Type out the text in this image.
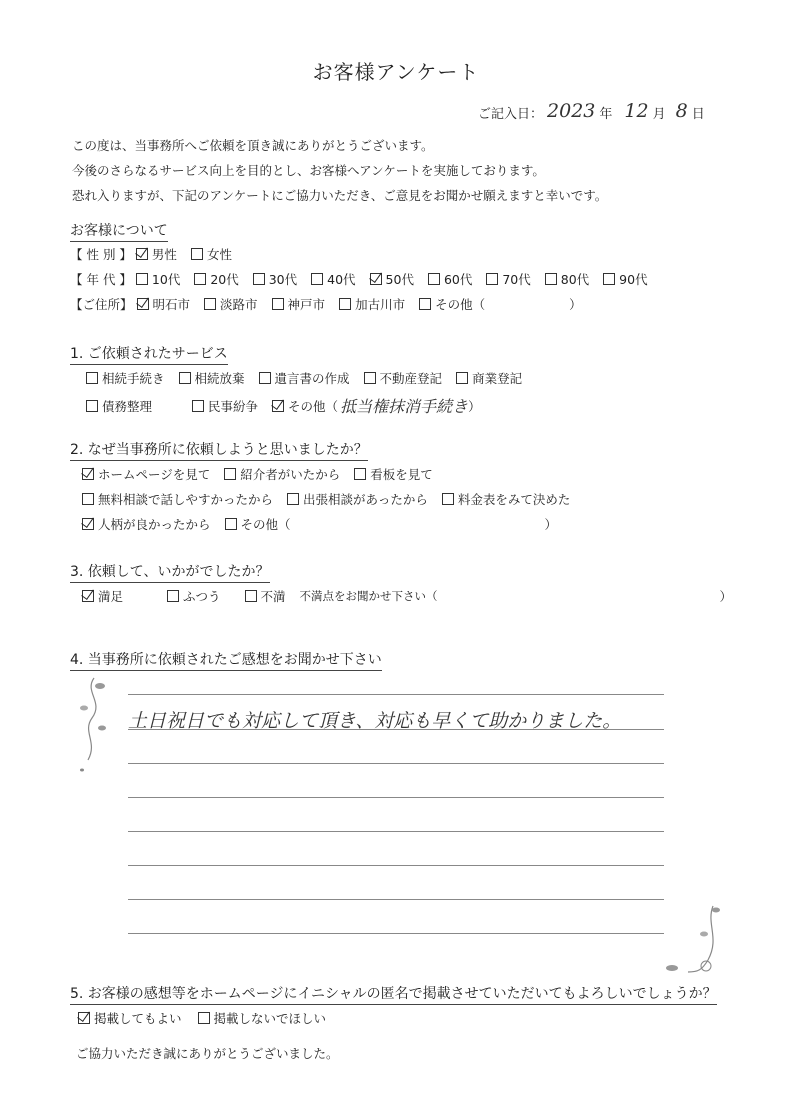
お客様アンケート
ご記入日： 2023 年 12 月 8 日
この度は、当事務所へご依頼を頂き誠にありがとうございます。
今後のさらなるサービス向上を目的とし、お客様へアンケートを実施しております。
恐れ入りますが、下記のアンケートにご協力いただき、ご意見をお聞かせ願えますと幸いです。
お客様について
【 性 別 】 男性 女性
【 年 代 】 10代 20代 30代 40代 50代 60代 70代 80代 90代
【ご住所】 明石市 淡路市 神戸市 加古川市 その他（	）
1. ご依頼されたサービス
相続手続き 相続放棄 遺言書の作成 不動産登記 商業登記
債務整理	民事紛争 その他（ 抵当権抹消手続き ）
2. なぜ当事務所に依頼しようと思いましたか？
ホームページを見て 紹介者がいたから 看板を見て
無料相談で話しやすかったから 出張相談があったから 料金表をみて決めた
人柄が良かったから その他（	）
3. 依頼して、いかがでしたか？
満足	ふつう	不満 不満点をお聞かせ下さい（	）
4. 当事務所に依頼されたご感想をお聞かせ下さい
土日祝日でも対応して頂き、対応も早くて助かりました。
5. お客様の感想等をホームページにイニシャルの匿名で掲載させていただいてもよろしいでしょうか？
掲載してもよい	掲載しないでほしい
ご協力いただき誠にありがとうございました。
